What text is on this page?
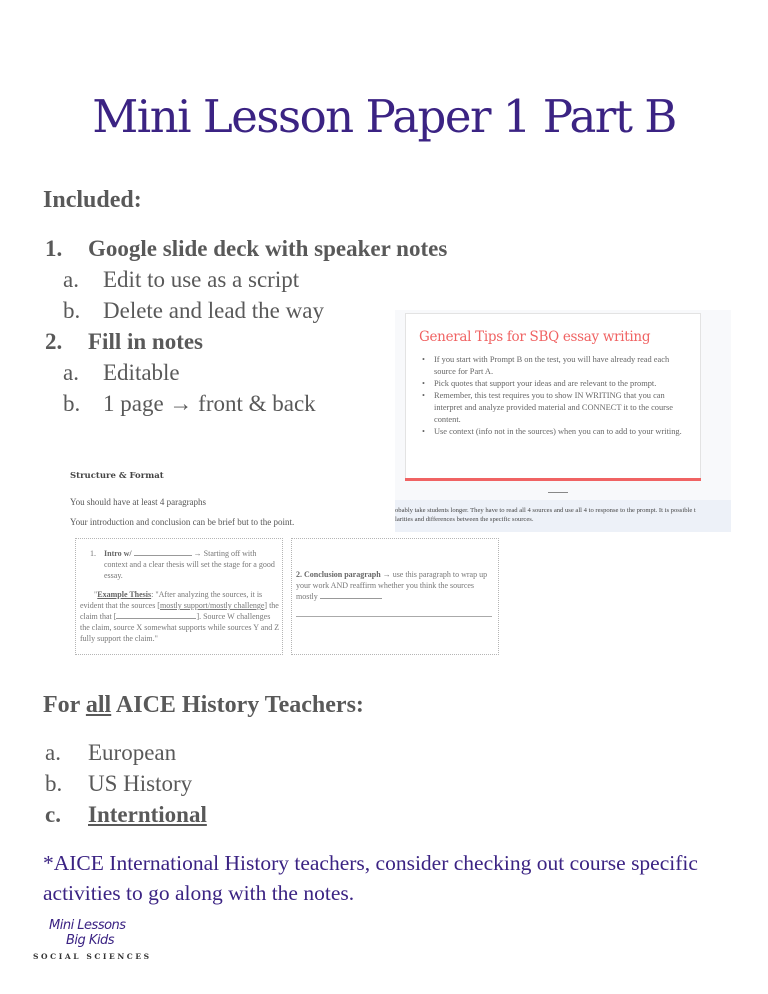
Mini Lesson Paper 1 Part B
Included:
1. Google slide deck with speaker notes
a. Edit to use as a script
b. Delete and lead the way
2. Fill in notes
a. Editable
b. 1 page → front & back
General Tips for SBQ essay writing
• If you start with Prompt B on the test, you will have already read each source for Part A.
• Pick quotes that support your ideas and are relevant to the prompt.
• Remember, this test requires you to show IN WRITING that you can interpret and analyze provided material and CONNECT it to the course content.
• Use context (info not in the sources) when you can to add to your writing.
obably take students longer. They have to read all 4 sources and use all 4 to response to the prompt. It is possible t
larities and differences between the specific sources.
Structure & Format
You should have at least 4 paragraphs
Your introduction and conclusion can be brief but to the point.
1. Intro w/	→ Starting off with context and a clear thesis will set the stage for a good essay.
"Example Thesis: "After analyzing the sources, it is evident that the sources [mostly support/mostly challenge] the claim that [	]. Source W challenges the claim, source X somewhat supports while sources Y and Z fully support the claim."
2. Conclusion paragraph → use this paragraph to wrap up your work AND reaffirm whether you think the sources mostly
For all AICE History Teachers:
a. European
b. US History
c. Interntional
*AICE International History teachers, consider checking out course specific activities to go along with the notes.
Mini Lessons
Big Kids
SOCIAL SCIENCES
